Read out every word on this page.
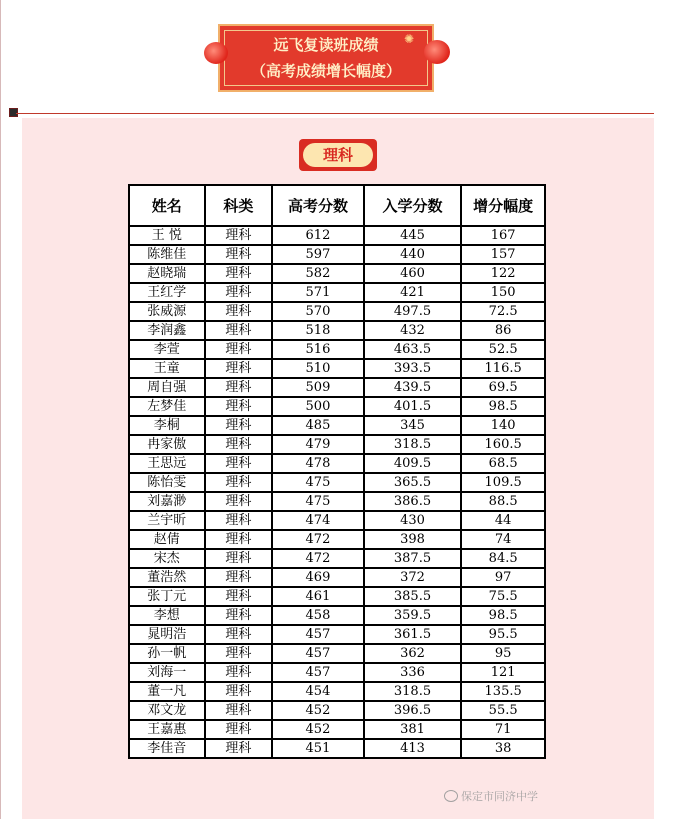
✺
远飞复读班成绩
（高考成绩增长幅度）
理科
姓名	科类	高考分数	入学分数	增分幅度
王 悦	理科	612	445	167
陈维佳	理科	597	440	157
赵晓瑞	理科	582	460	122
王红学	理科	571	421	150
张威源	理科	570	497.5	72.5
李润鑫	理科	518	432	86
李萱	理科	516	463.5	52.5
王童	理科	510	393.5	116.5
周自强	理科	509	439.5	69.5
左梦佳	理科	500	401.5	98.5
李桐	理科	485	345	140
冉家傲	理科	479	318.5	160.5
王思远	理科	478	409.5	68.5
陈怡雯	理科	475	365.5	109.5
刘嘉渺	理科	475	386.5	88.5
兰宇昕	理科	474	430	44
赵倩	理科	472	398	74
宋杰	理科	472	387.5	84.5
董浩然	理科	469	372	97
张丁元	理科	461	385.5	75.5
李想	理科	458	359.5	98.5
晁明浩	理科	457	361.5	95.5
孙一帆	理科	457	362	95
刘海一	理科	457	336	121
董一凡	理科	454	318.5	135.5
邓文龙	理科	452	396.5	55.5
王嘉惠	理科	452	381	71
李佳音	理科	451	413	38
保定市同济中学
